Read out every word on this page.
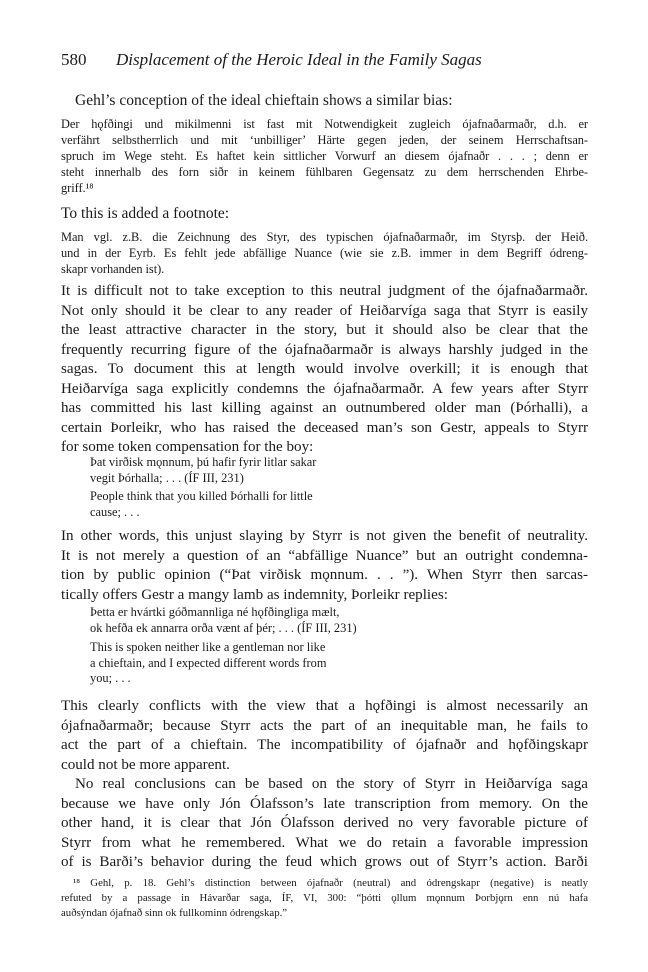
580 Displacement of the Heroic Ideal in the Family Sagas
Gehl’s conception of the ideal chieftain shows a similar bias:
Der hǫfðingi und mikilmenni ist fast mit Notwendigkeit zugleich ójafnaðarmaðr, d.h. er
verfährt selbstherrlich und mit ‘unbilliger’ Härte gegen jeden, der seinem Herrschaftsan-
spruch im Wege steht. Es haftet kein sittlicher Vorwurf an diesem ójafnaðr . . . ; denn er
steht innerhalb des forn siðr in keinem fühlbaren Gegensatz zu dem herrschenden Ehrbe-
griff.¹⁸
To this is added a footnote:
Man vgl. z.B. die Zeichnung des Styr, des typischen ójafnaðarmaðr, im Styrsþ. der Heið.
und in der Eyrb. Es fehlt jede abfällige Nuance (wie sie z.B. immer in dem Begriff ódreng-
skapr vorhanden ist).
It is difficult not to take exception to this neutral judgment of the ójafnaðarmaðr.
Not only should it be clear to any reader of Heiðarvíga saga that Styrr is easily
the least attractive character in the story, but it should also be clear that the
frequently recurring figure of the ójafnaðarmaðr is always harshly judged in the
sagas. To document this at length would involve overkill; it is enough that
Heiðarvíga saga explicitly condemns the ójafnaðarmaðr. A few years after Styrr
has committed his last killing against an outnumbered older man (Þórhalli), a
certain Þorleikr, who has raised the deceased man’s son Gestr, appeals to Styrr
for some token compensation for the boy:
Þat virðisk mǫnnum, þú hafir fyrir litlar sakar
vegit Þórhalla; . . . (ÍF III, 231)
People think that you killed Þórhalli for little
cause; . . .
In other words, this unjust slaying by Styrr is not given the benefit of neutrality.
It is not merely a question of an “abfällige Nuance” but an outright condemna-
tion by public opinion (“Þat virðisk mǫnnum. . . ”). When Styrr then sarcas-
tically offers Gestr a mangy lamb as indemnity, Þorleikr replies:
Þetta er hvártki góðmannliga né hǫfðingliga mælt,
ok hefða ek annarra orða vænt af þér; . . . (ÍF III, 231)
This is spoken neither like a gentleman nor like
a chieftain, and I expected different words from
you; . . .
This clearly conflicts with the view that a hǫfðingi is almost necessarily an
ójafnaðarmaðr; because Styrr acts the part of an inequitable man, he fails to
act the part of a chieftain. The incompatibility of ójafnaðr and hǫfðingskapr
could not be more apparent.
No real conclusions can be based on the story of Styrr in Heiðarvíga saga
because we have only Jón Ólafsson’s late transcription from memory. On the
other hand, it is clear that Jón Ólafsson derived no very favorable picture of
Styrr from what he remembered. What we do retain a favorable impression
of is Barði’s behavior during the feud which grows out of Styrr’s action. Barði
¹⁸ Gehl, p. 18. Gehl’s distinction between ójafnaðr (neutral) and ódrengskapr (negative) is neatly
refuted by a passage in Hávarðar saga, ÍF, VI, 300: “þótti ǫllum mǫnnum Þorbjǫrn enn nú hafa
auðsýndan ójafnað sinn ok fullkominn ódrengskap.”
